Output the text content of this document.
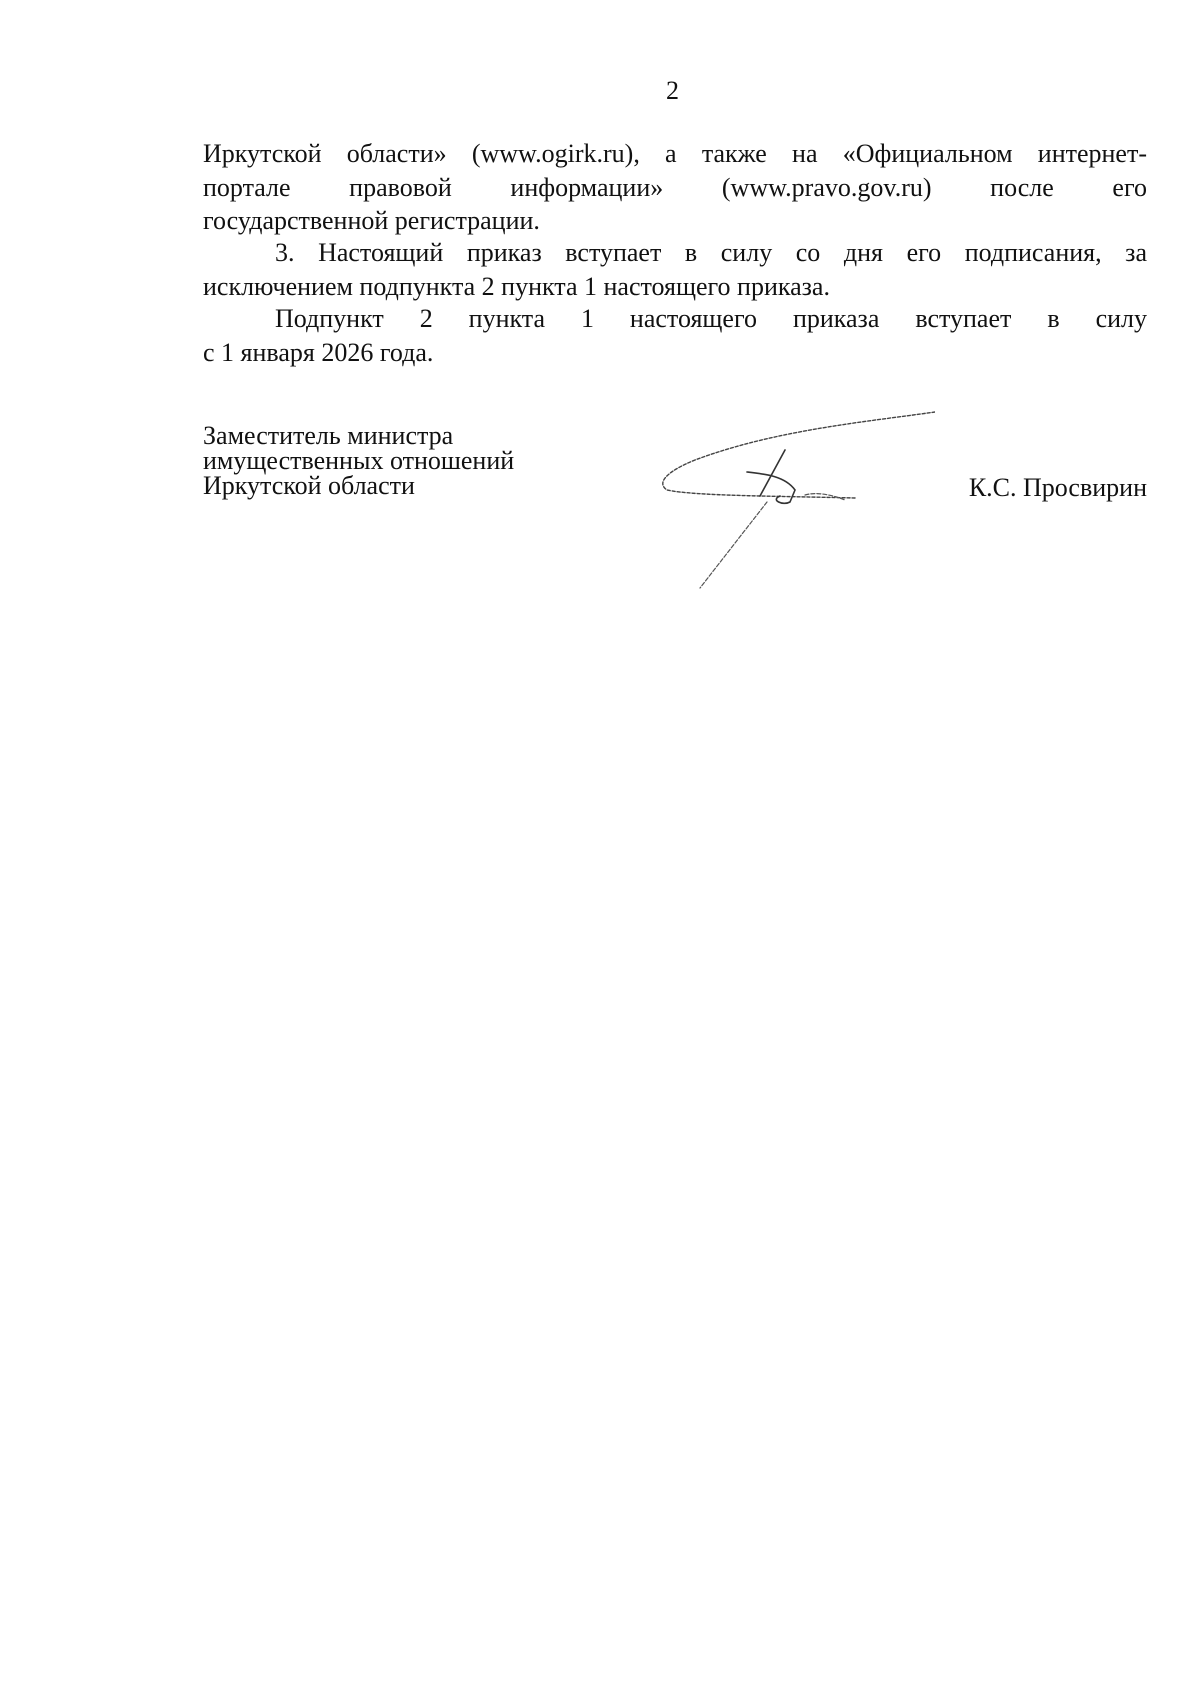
2
Иркутской области» (www.ogirk.ru), а также на «Официальном интернет-
портале правовой информации» (www.pravo.gov.ru) после его
государственной регистрации.
3. Настоящий приказ вступает в силу со дня его подписания, за
исключением подпункта 2 пункта 1 настоящего приказа.
Подпункт 2 пункта 1 настоящего приказа вступает в силу
с 1 января 2026 года.
Заместитель министра
имущественных отношений
Иркутской области	К.С. Просвирин
